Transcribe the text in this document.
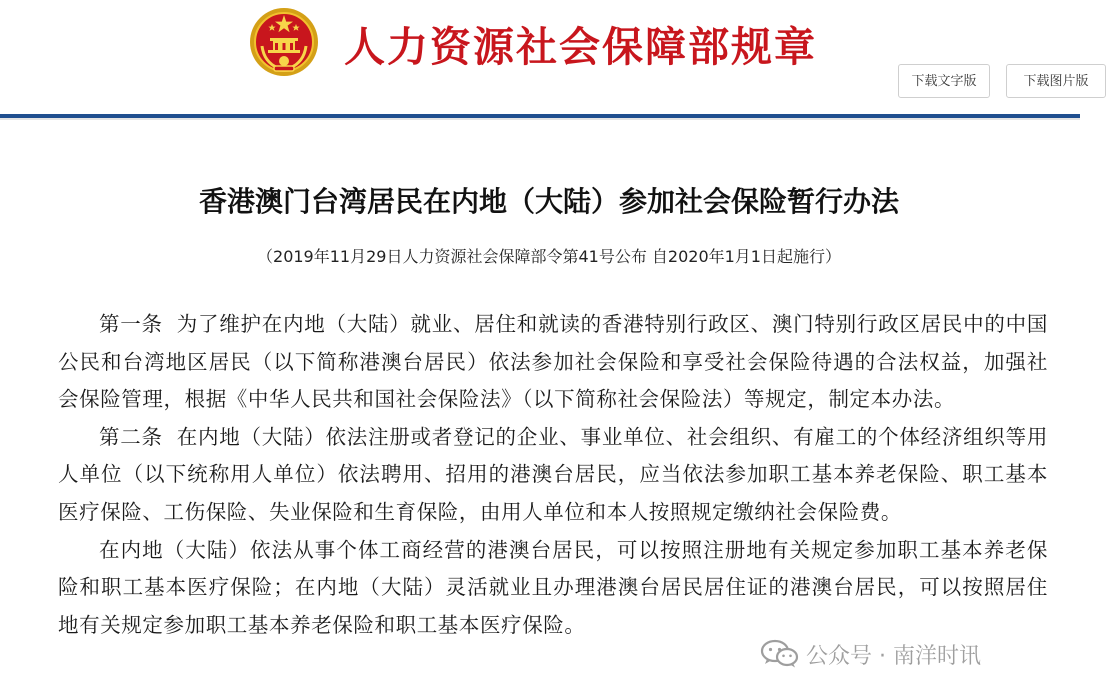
人力资源社会保障部规章
下载文字版	下载图片版
香港澳门台湾居民在内地（大陆）参加社会保险暂行办法
（2019年11月29日人力资源社会保障部令第41号公布 自2020年1月1日起施行）

第一条 为了维护在内地（大陆）就业、居住和就读的香港特别行政区、澳门特别行政区居民中的中国公民和台湾地区居民（以下简称港澳台居民）依法参加社会保险和享受社会保险待遇的合法权益，加强社会保险管理，根据《中华人民共和国社会保险法》（以下简称社会保险法）等规定，制定本办法。

第二条 在内地（大陆）依法注册或者登记的企业、事业单位、社会组织、有雇工的个体经济组织等用人单位（以下统称用人单位）依法聘用、招用的港澳台居民，应当依法参加职工基本养老保险、职工基本医疗保险、工伤保险、失业保险和生育保险，由用人单位和本人按照规定缴纳社会保险费。

在内地（大陆）依法从事个体工商经营的港澳台居民，可以按照注册地有关规定参加职工基本养老保险和职工基本医疗保险；在内地（大陆）灵活就业且办理港澳台居民居住证的港澳台居民，可以按照居住地有关规定参加职工基本养老保险和职工基本医疗保险。

公众号 · 南洋时讯
